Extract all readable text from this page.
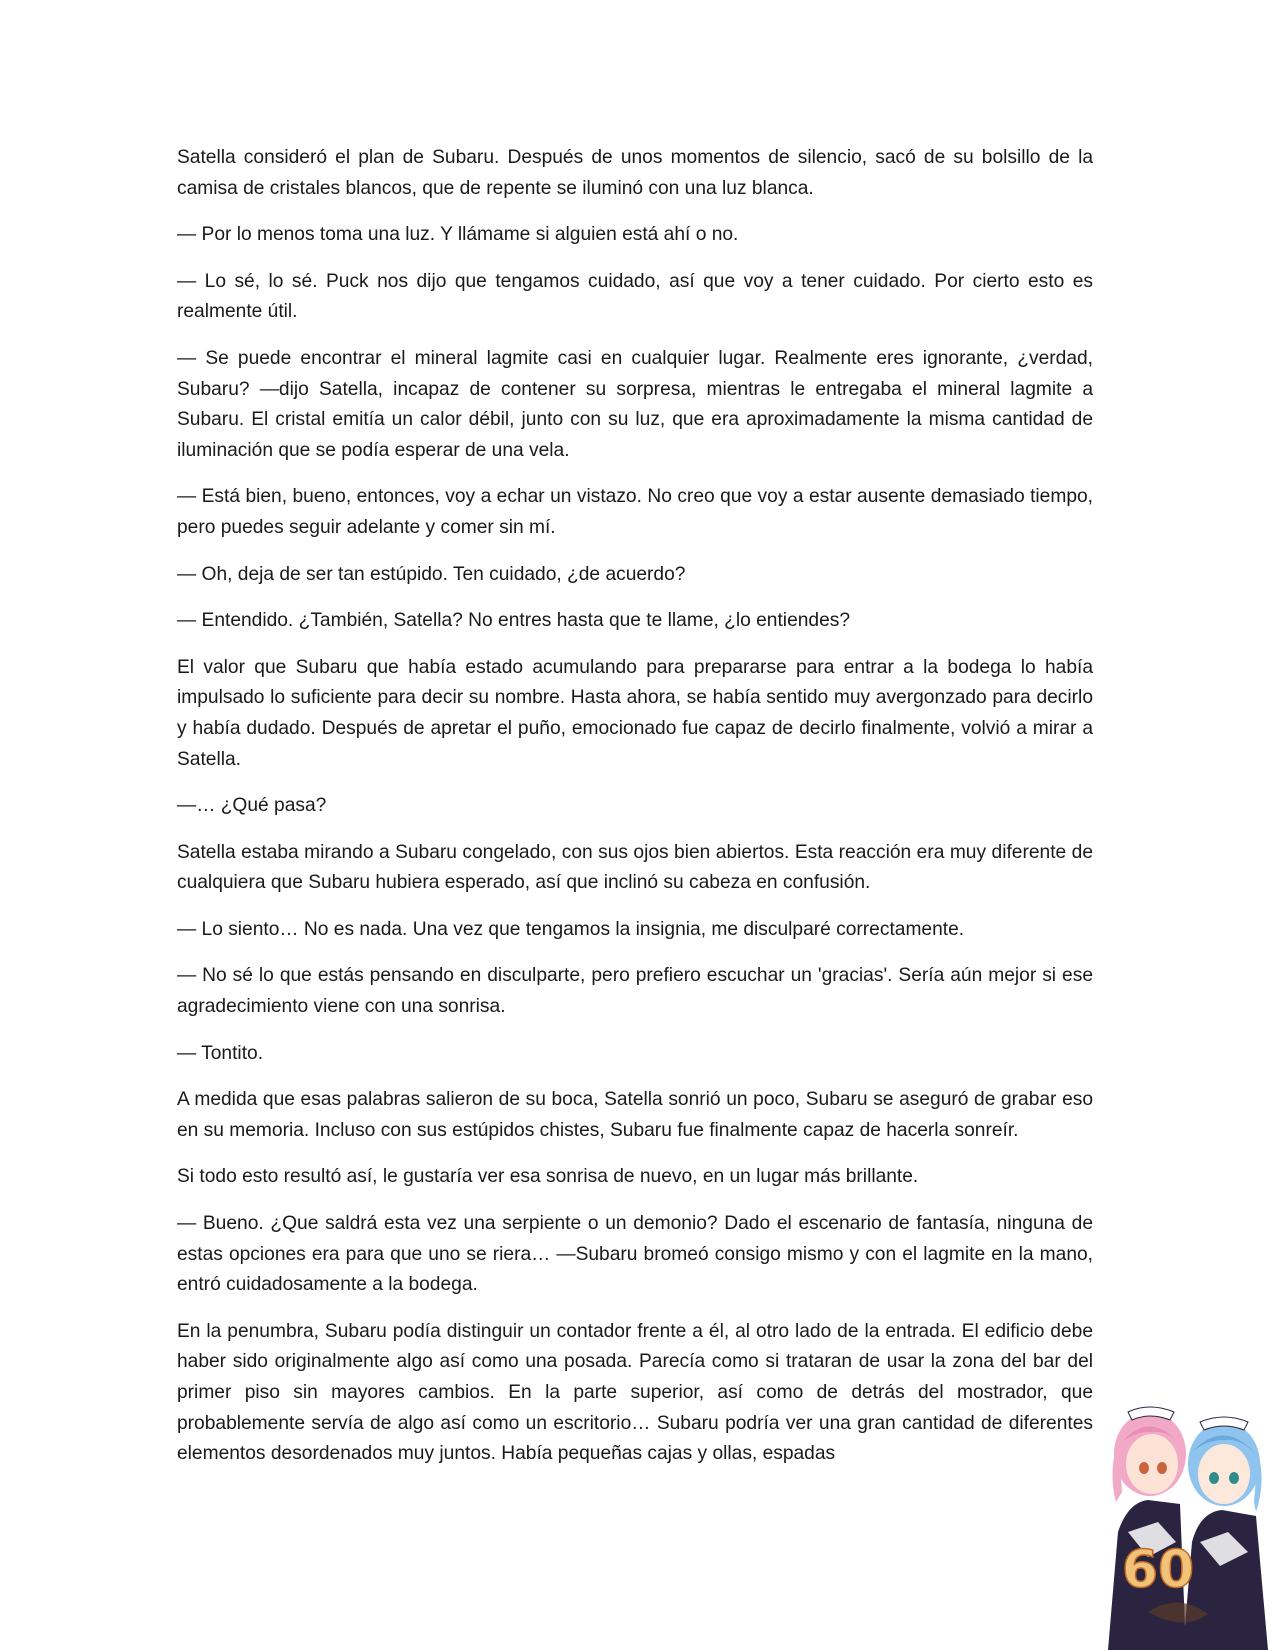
Satella consideró el plan de Subaru. Después de unos momentos de silencio, sacó de su bolsillo de la camisa de cristales blancos, que de repente se iluminó con una luz blanca.

— Por lo menos toma una luz. Y llámame si alguien está ahí o no.

— Lo sé, lo sé. Puck nos dijo que tengamos cuidado, así que voy a tener cuidado. Por cierto esto es realmente útil.

— Se puede encontrar el mineral lagmite casi en cualquier lugar. Realmente eres ignorante, ¿verdad, Subaru? —dijo Satella, incapaz de contener su sorpresa, mientras le entregaba el mineral lagmite a Subaru. El cristal emitía un calor débil, junto con su luz, que era aproximadamente la misma cantidad de iluminación que se podía esperar de una vela.

— Está bien, bueno, entonces, voy a echar un vistazo. No creo que voy a estar ausente demasiado tiempo, pero puedes seguir adelante y comer sin mí.

— Oh, deja de ser tan estúpido. Ten cuidado, ¿de acuerdo?

— Entendido. ¿También, Satella? No entres hasta que te llame, ¿lo entiendes?

El valor que Subaru que había estado acumulando para prepararse para entrar a la bodega lo había impulsado lo suficiente para decir su nombre. Hasta ahora, se había sentido muy avergonzado para decirlo y había dudado. Después de apretar el puño, emocionado fue capaz de decirlo finalmente, volvió a mirar a Satella.

—… ¿Qué pasa?

Satella estaba mirando a Subaru congelado, con sus ojos bien abiertos. Esta reacción era muy diferente de cualquiera que Subaru hubiera esperado, así que inclinó su cabeza en confusión.

— Lo siento… No es nada. Una vez que tengamos la insignia, me disculparé correctamente.

— No sé lo que estás pensando en disculparte, pero prefiero escuchar un 'gracias'. Sería aún mejor si ese agradecimiento viene con una sonrisa.

— Tontito.

A medida que esas palabras salieron de su boca, Satella sonrió un poco, Subaru se aseguró de grabar eso en su memoria. Incluso con sus estúpidos chistes, Subaru fue finalmente capaz de hacerla sonreír.

Si todo esto resultó así, le gustaría ver esa sonrisa de nuevo, en un lugar más brillante.

— Bueno. ¿Que saldrá esta vez una serpiente o un demonio? Dado el escenario de fantasía, ninguna de estas opciones era para que uno se riera… —Subaru bromeó consigo mismo y con el lagmite en la mano, entró cuidadosamente a la bodega.

En la penumbra, Subaru podía distinguir un contador frente a él, al otro lado de la entrada. El edificio debe haber sido originalmente algo así como una posada. Parecía como si trataran de usar la zona del bar del primer piso sin mayores cambios. En la parte superior, así como de detrás del mostrador, que probablemente servía de algo así como un escritorio… Subaru podría ver una gran cantidad de diferentes elementos desordenados muy juntos. Había pequeñas cajas y ollas, espadas

60
